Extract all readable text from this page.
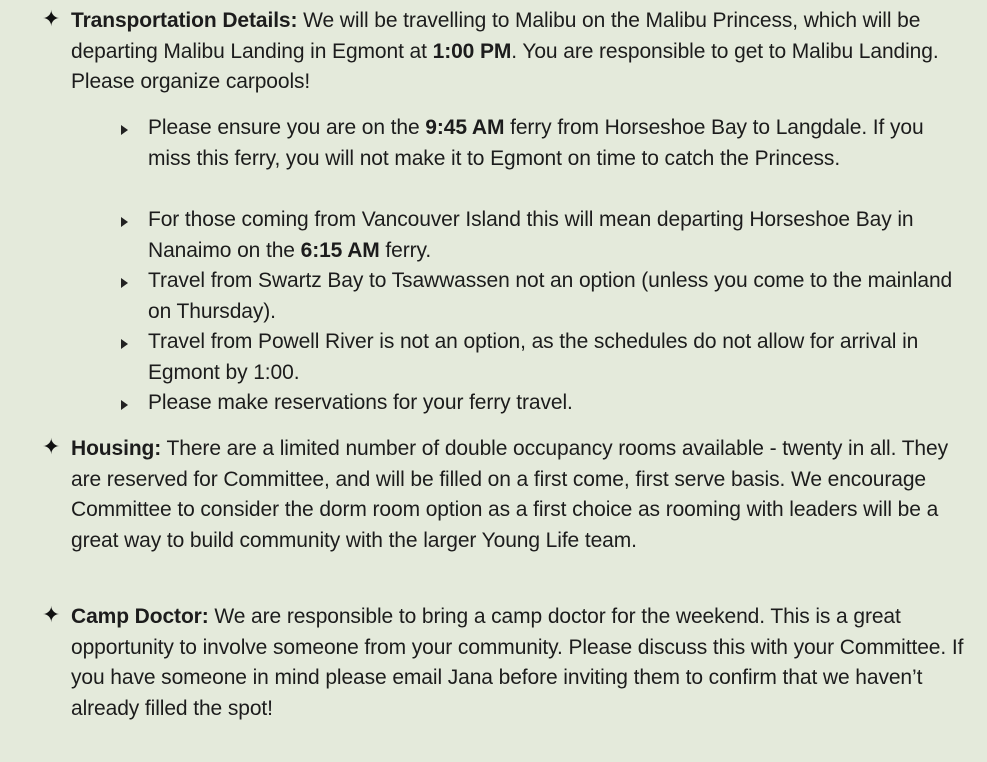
✦ Transportation Details: We will be travelling to Malibu on the Malibu Princess, which will be departing Malibu Landing in Egmont at 1:00 PM. You are responsible to get to Malibu Landing. Please organize carpools!
Please ensure you are on the 9:45 AM ferry from Horseshoe Bay to Langdale. If you miss this ferry, you will not make it to Egmont on time to catch the Princess.
For those coming from Vancouver Island this will mean departing Horseshoe Bay in Nanaimo on the 6:15 AM ferry.
Travel from Swartz Bay to Tsawwassen not an option (unless you come to the mainland on Thursday).
Travel from Powell River is not an option, as the schedules do not allow for arrival in Egmont by 1:00.
Please make reservations for your ferry travel.
✦ Housing: There are a limited number of double occupancy rooms available - twenty in all. They are reserved for Committee, and will be filled on a first come, first serve basis. We encourage Committee to consider the dorm room option as a first choice as rooming with leaders will be a great way to build community with the larger Young Life team.
✦ Camp Doctor: We are responsible to bring a camp doctor for the weekend. This is a great opportunity to involve someone from your community. Please discuss this with your Committee. If you have someone in mind please email Jana before inviting them to confirm that we haven’t already filled the spot!
